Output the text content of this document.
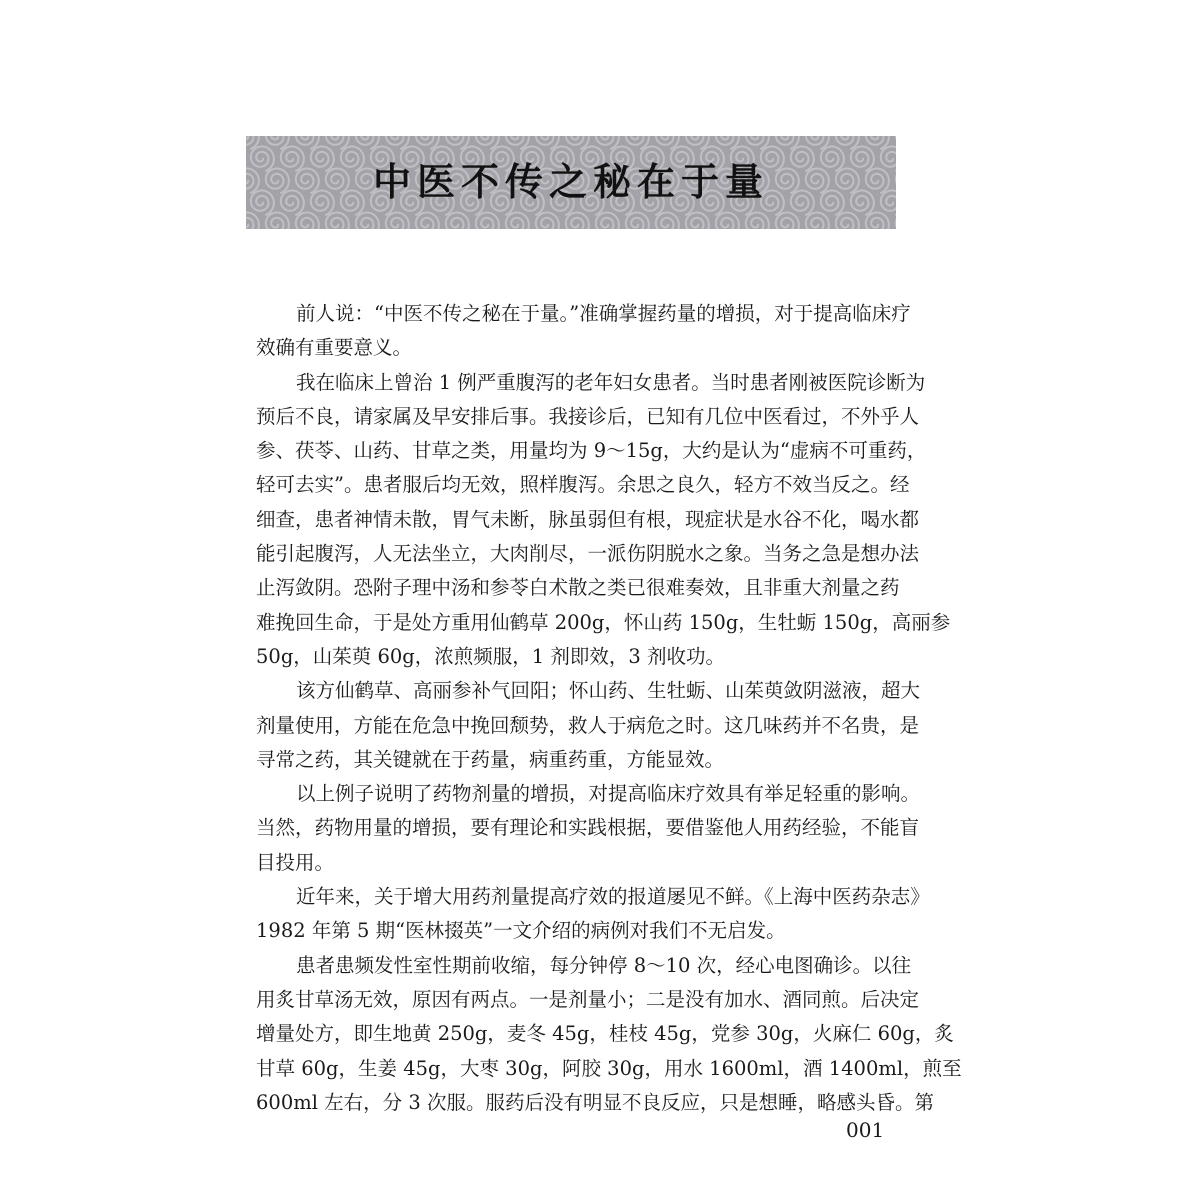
中医不传之秘在于量
前人说：“中医不传之秘在于量。”准确掌握药量的增损，对于提高临床疗
效确有重要意义。
我在临床上曾治 1 例严重腹泻的老年妇女患者。当时患者刚被医院诊断为
预后不良，请家属及早安排后事。我接诊后，已知有几位中医看过，不外乎人
参、茯苓、山药、甘草之类，用量均为 9～15g，大约是认为“虚病不可重药，
轻可去实”。患者服后均无效，照样腹泻。余思之良久，轻方不效当反之。经
细查，患者神情未散，胃气未断，脉虽弱但有根，现症状是水谷不化，喝水都
能引起腹泻，人无法坐立，大肉削尽，一派伤阴脱水之象。当务之急是想办法
止泻敛阴。恐附子理中汤和参苓白术散之类已很难奏效，且非重大剂量之药
难挽回生命，于是处方重用仙鹤草 200g，怀山药 150g，生牡蛎 150g，高丽参
50g，山茱萸 60g，浓煎频服，1 剂即效，3 剂收功。
该方仙鹤草、高丽参补气回阳；怀山药、生牡蛎、山茱萸敛阴滋液，超大
剂量使用，方能在危急中挽回颓势，救人于病危之时。这几味药并不名贵，是
寻常之药，其关键就在于药量，病重药重，方能显效。
以上例子说明了药物剂量的增损，对提高临床疗效具有举足轻重的影响。
当然，药物用量的增损，要有理论和实践根据，要借鉴他人用药经验，不能盲
目投用。
近年来，关于增大用药剂量提高疗效的报道屡见不鲜。《上海中医药杂志》
1982 年第 5 期“医林掇英”一文介绍的病例对我们不无启发。
患者患频发性室性期前收缩，每分钟停 8～10 次，经心电图确诊。以往
用炙甘草汤无效，原因有两点。一是剂量小；二是没有加水、酒同煎。后决定
增量处方，即生地黄 250g，麦冬 45g，桂枝 45g，党参 30g，火麻仁 60g，炙
甘草 60g，生姜 45g，大枣 30g，阿胶 30g，用水 1600ml，酒 1400ml，煎至
600ml 左右，分 3 次服。服药后没有明显不良反应，只是想睡，略感头昏。第
001
